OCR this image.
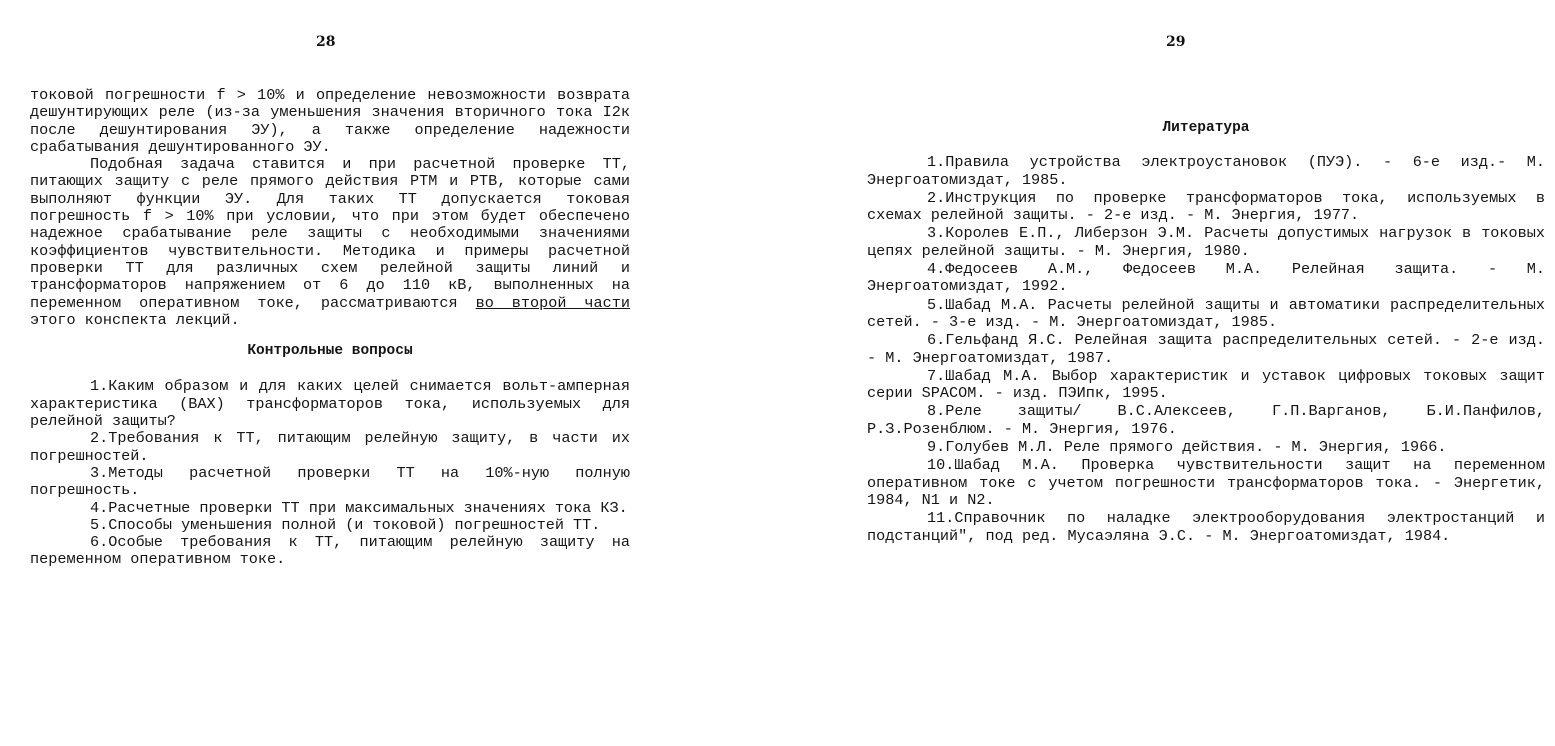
28

токовой погрешности f > 10% и определение невозможности возврата дешунтирующих реле (из-за уменьшения значения вторичного тока I2к после дешунтирования ЭУ), а также определение надежности срабатывания дешунтированного ЭУ.

Подобная задача ставится и при расчетной проверке ТТ, питающих защиту с реле прямого действия РТМ и РТВ, которые сами выполняют функции ЭУ. Для таких ТТ допускается токовая погрешность f > 10% при условии, что при этом будет обеспечено надежное срабатывание реле защиты с необходимыми значениями коэффициентов чувствительности. Методика и примеры расчетной проверки ТТ для различных схем релейной защиты линий и трансформаторов напряжением от 6 до 110 кВ, выполненных на переменном оперативном токе, рассматриваются во второй части этого конспекта лекций.

Контрольные вопросы

1.Каким образом и для каких целей снимается вольт-амперная характеристика (ВАХ) трансформаторов тока, используемых для релейной защиты?

2.Требования к ТТ, питающим релейную защиту, в части их погрешностей.

3.Методы расчетной проверки ТТ на 10%-ную полную погрешность.

4.Расчетные проверки ТТ при максимальных значениях тока КЗ.

5.Способы уменьшения полной (и токовой) погрешностей ТТ.

6.Особые требования к ТТ, питающим релейную защиту на переменном оперативном токе.

29

Литература

1.Правила устройства электроустановок (ПУЭ). - 6-е изд.- М. Энергоатомиздат, 1985.

2.Инструкция по проверке трансформаторов тока, используемых в схемах релейной защиты. - 2-е изд. - М. Энергия, 1977.

3.Королев Е.П., Либерзон Э.М. Расчеты допустимых нагрузок в токовых цепях релейной защиты. - М. Энергия, 1980.

4.Федосеев А.М., Федосеев М.А. Релейная защита. - М. Энергоатомиздат, 1992.

5.Шабад М.А. Расчеты релейной защиты и автоматики распределительных сетей. - 3-е изд. - М. Энергоатомиздат, 1985.

6.Гельфанд Я.С. Релейная защита распределительных сетей. - 2-е изд. - М. Энергоатомиздат, 1987.

7.Шабад М.А. Выбор характеристик и уставок цифровых токовых защит серии SPACOM. - изд. ПЭИпк, 1995.

8.Реле защиты/ В.С.Алексеев, Г.П.Варганов, Б.И.Панфилов, Р.З.Розенблюм. - М. Энергия, 1976.

9.Голубев М.Л. Реле прямого действия. - М. Энергия, 1966.

10.Шабад М.А. Проверка чувствительности защит на переменном оперативном токе с учетом погрешности трансформаторов тока. - Энергетик, 1984, N1 и N2.

11.Справочник по наладке электрооборудования электростанций и подстанций", под ред. Мусаэляна Э.С. - М. Энергоатомиздат, 1984.
